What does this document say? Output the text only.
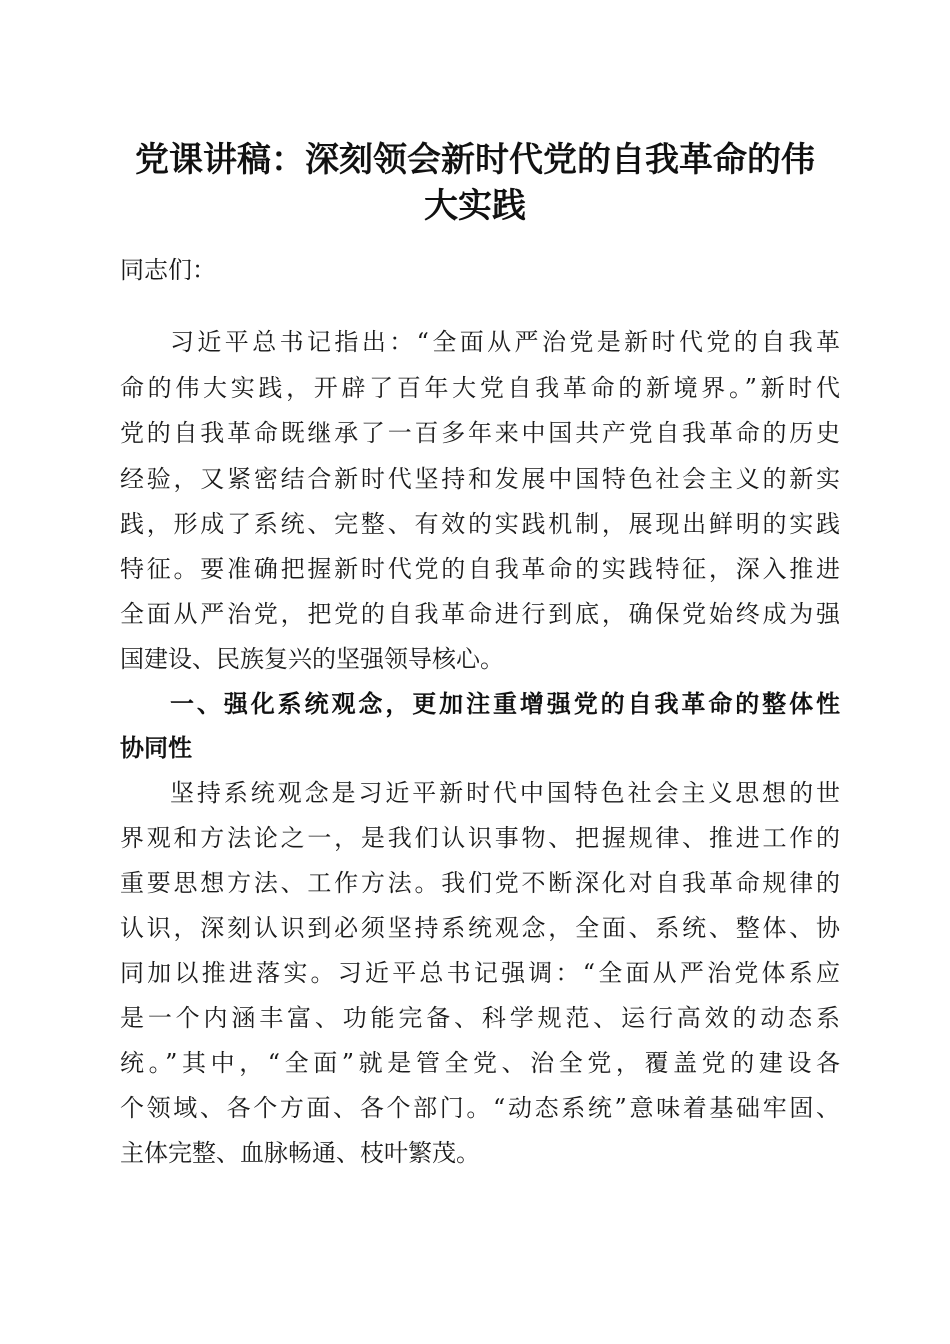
党课讲稿：深刻领会新时代党的自我革命的伟
大实践
同志们：
习近平总书记指出：“全面从严治党是新时代党的自我革
命的伟大实践，开辟了百年大党自我革命的新境界。”新时代
党的自我革命既继承了一百多年来中国共产党自我革命的历史
经验，又紧密结合新时代坚持和发展中国特色社会主义的新实
践，形成了系统、完整、有效的实践机制，展现出鲜明的实践
特征。要准确把握新时代党的自我革命的实践特征，深入推进
全面从严治党，把党的自我革命进行到底，确保党始终成为强
国建设、民族复兴的坚强领导核心。
一、强化系统观念，更加注重增强党的自我革命的整体性
协同性
坚持系统观念是习近平新时代中国特色社会主义思想的世
界观和方法论之一，是我们认识事物、把握规律、推进工作的
重要思想方法、工作方法。我们党不断深化对自我革命规律的
认识，深刻认识到必须坚持系统观念，全面、系统、整体、协
同加以推进落实。习近平总书记强调：“全面从严治党体系应
是一个内涵丰富、功能完备、科学规范、运行高效的动态系
统。”其中，“全面”就是管全党、治全党，覆盖党的建设各
个领域、各个方面、各个部门。“动态系统”意味着基础牢固、
主体完整、血脉畅通、枝叶繁茂。
